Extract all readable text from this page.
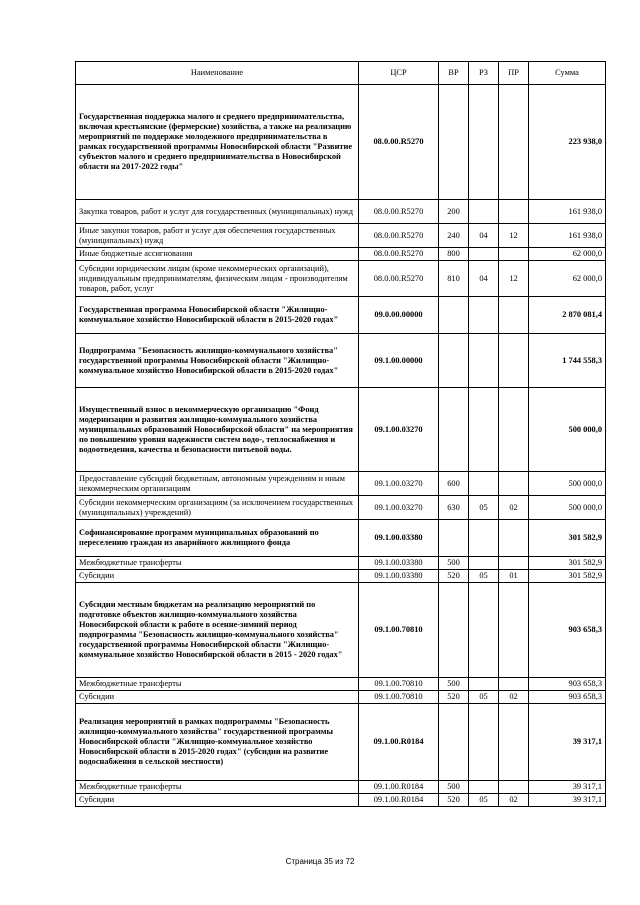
Наименование	ЦСР	ВР	РЗ	ПР	Сумма
Государственная поддержка малого и среднего предпринимательства, включая крестьянские (фермерские) хозяйства, а также на реализацию мероприятий по поддержке молодежного предпринимательства в рамках государственной программы Новосибирской области "Развитие субъектов малого и среднего предпринимательства в Новосибирской области на 2017-2022 годы"	08.0.00.R5270				223 938,0
Закупка товаров, работ и услуг для государственных (муниципальных) нужд	08.0.00.R5270	200			161 938,0
Иные закупки товаров, работ и услуг для обеспечения государственных (муниципальных) нужд	08.0.00.R5270	240	04	12	161 938,0
Иные бюджетные ассигнования	08.0.00.R5270	800			62 000,0
Субсидии юридическим лицам (кроме некоммерческих организаций), индивидуальным предпринимателям, физическим лицам - производителям товаров, работ, услуг	08.0.00.R5270	810	04	12	62 000,0
Государственная программа Новосибирской области "Жилищно-коммунальное хозяйство Новосибирской области в 2015-2020 годах"	09.0.00.00000				2 870 081,4
Подпрограмма "Безопасность жилищно-коммунального хозяйства" государственной программы Новосибирской области "Жилищно-коммунальное хозяйство Новосибирской области в 2015-2020 годах"	09.1.00.00000				1 744 558,3
Имущественный взнос в некоммерческую организацию "Фонд модернизации и развития жилищно-коммунального хозяйства муниципальных образований Новосибирской области" на мероприятия по повышению уровня надежности систем водо-, теплоснабжения и водоотведения, качества и безопасности питьевой воды.	09.1.00.03270				500 000,0
Предоставление субсидий бюджетным, автономным учреждениям и иным некоммерческим организациям	09.1.00.03270	600			500 000,0
Субсидии некоммерческим организациям (за исключением государственных (муниципальных) учреждений)	09.1.00.03270	630	05	02	500 000,0
Софинансирование программ муниципальных образований по переселению граждан из аварийного жилищного фонда	09.1.00.03380				301 582,9
Межбюджетные трансферты	09.1.00.03380	500			301 582,9
Субсидии	09.1.00.03380	520	05	01	301 582,9
Субсидии местным бюджетам на реализацию мероприятий по подготовке объектов жилищно-коммунального хозяйства Новосибирской области к работе в осенне-зимний период подпрограммы "Безопасность жилищно-коммунального хозяйства" государственной программы Новосибирской области "Жилищно-коммунальное хозяйство Новосибирской области в 2015 - 2020 годах"	09.1.00.70810				903 658,3
Межбюджетные трансферты	09.1.00.70810	500			903 658,3
Субсидии	09.1.00.70810	520	05	02	903 658,3
Реализация мероприятий в рамках подпрограммы "Безопасность жилищно-коммунального хозяйства" государственной программы Новосибирской области "Жилищно-коммунальное хозяйство Новосибирской области в 2015-2020 годах" (субсидии на развитие водоснабжения в сельской местности)	09.1.00.R0184				39 317,1
Межбюджетные трансферты	09.1.00.R0184	500			39 317,1
Субсидии	09.1.00.R0184	520	05	02	39 317,1
Страница 35 из 72
